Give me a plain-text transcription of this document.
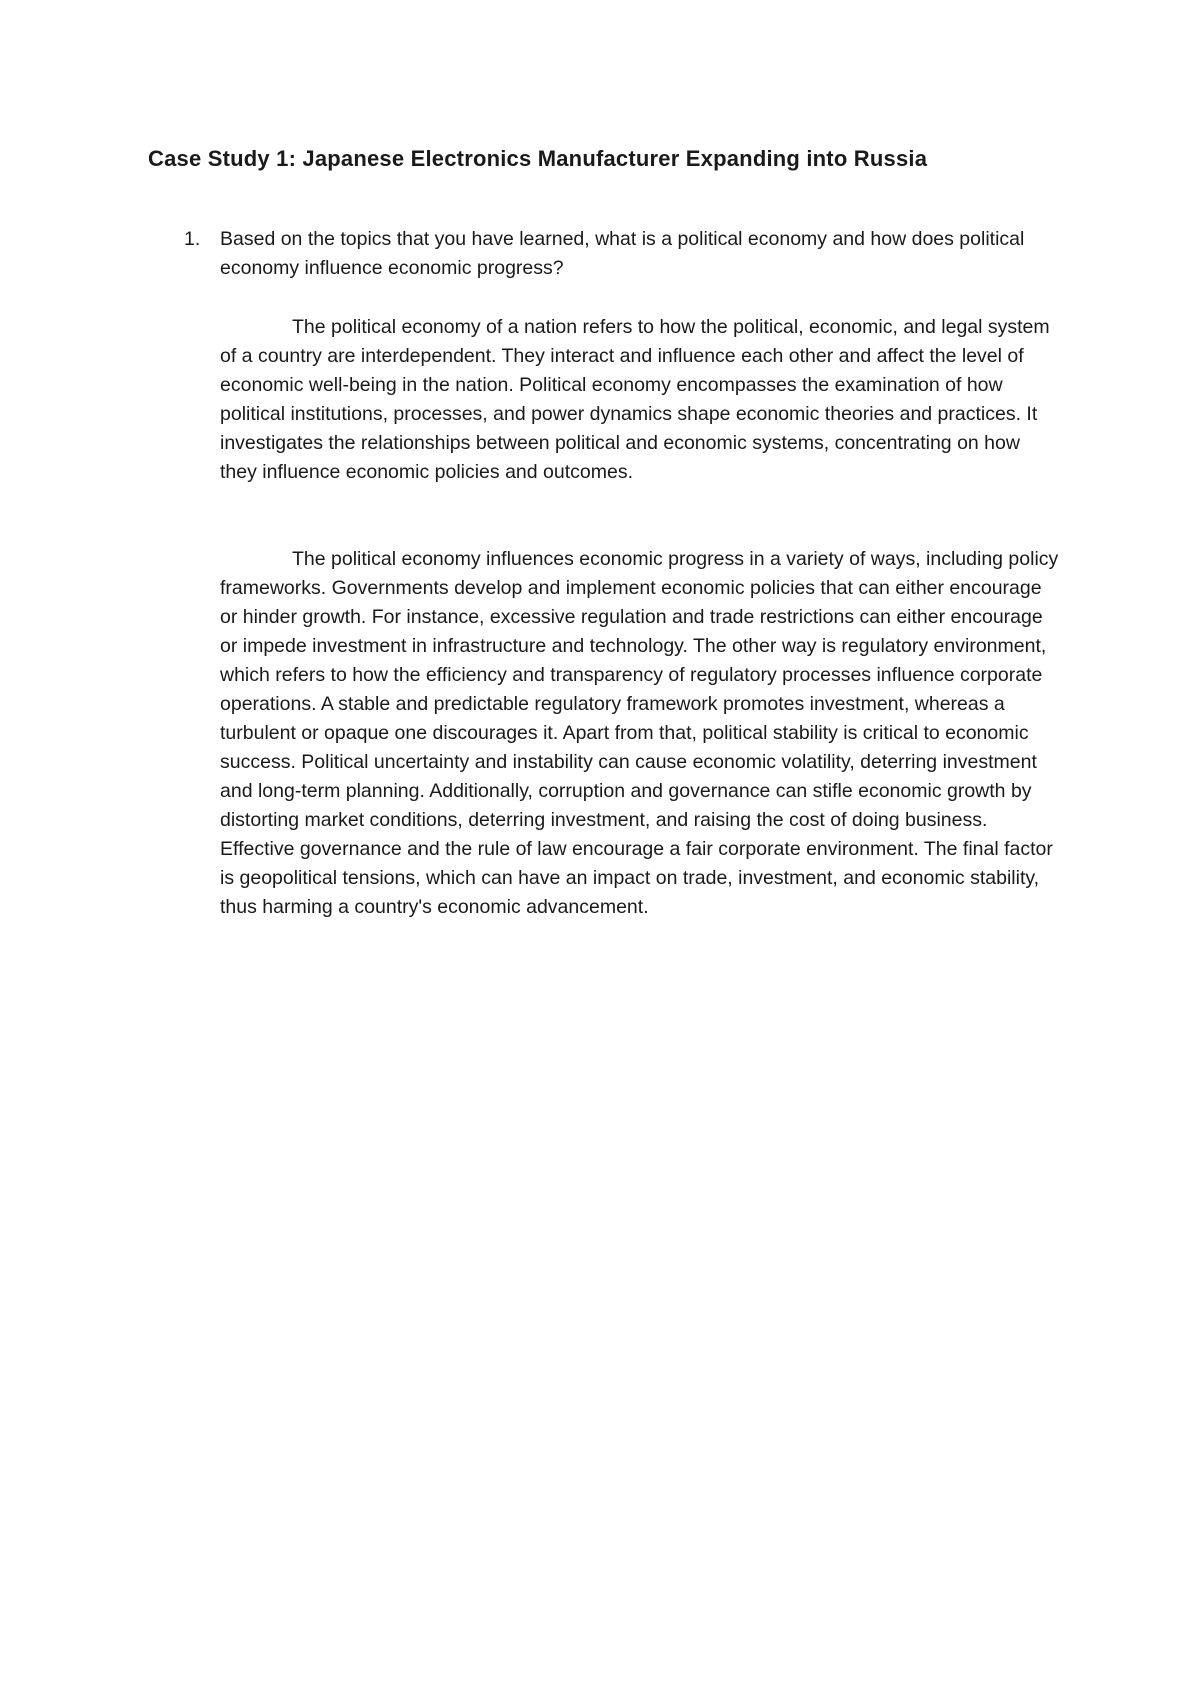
Case Study 1: Japanese Electronics Manufacturer Expanding into Russia
1.	Based on the topics that you have learned, what is a political economy and how does political economy influence economic progress?

The political economy of a nation refers to how the political, economic, and legal system of a country are interdependent. They interact and influence each other and affect the level of economic well-being in the nation. Political economy encompasses the examination of how political institutions, processes, and power dynamics shape economic theories and practices. It investigates the relationships between political and economic systems, concentrating on how they influence economic policies and outcomes.

The political economy influences economic progress in a variety of ways, including policy frameworks. Governments develop and implement economic policies that can either encourage or hinder growth. For instance, excessive regulation and trade restrictions can either encourage or impede investment in infrastructure and technology. The other way is regulatory environment, which refers to how the efficiency and transparency of regulatory processes influence corporate operations. A stable and predictable regulatory framework promotes investment, whereas a turbulent or opaque one discourages it. Apart from that, political stability is critical to economic success. Political uncertainty and instability can cause economic volatility, deterring investment and long-term planning. Additionally, corruption and governance can stifle economic growth by distorting market conditions, deterring investment, and raising the cost of doing business. Effective governance and the rule of law encourage a fair corporate environment. The final factor is geopolitical tensions, which can have an impact on trade, investment, and economic stability, thus harming a country's economic advancement.
